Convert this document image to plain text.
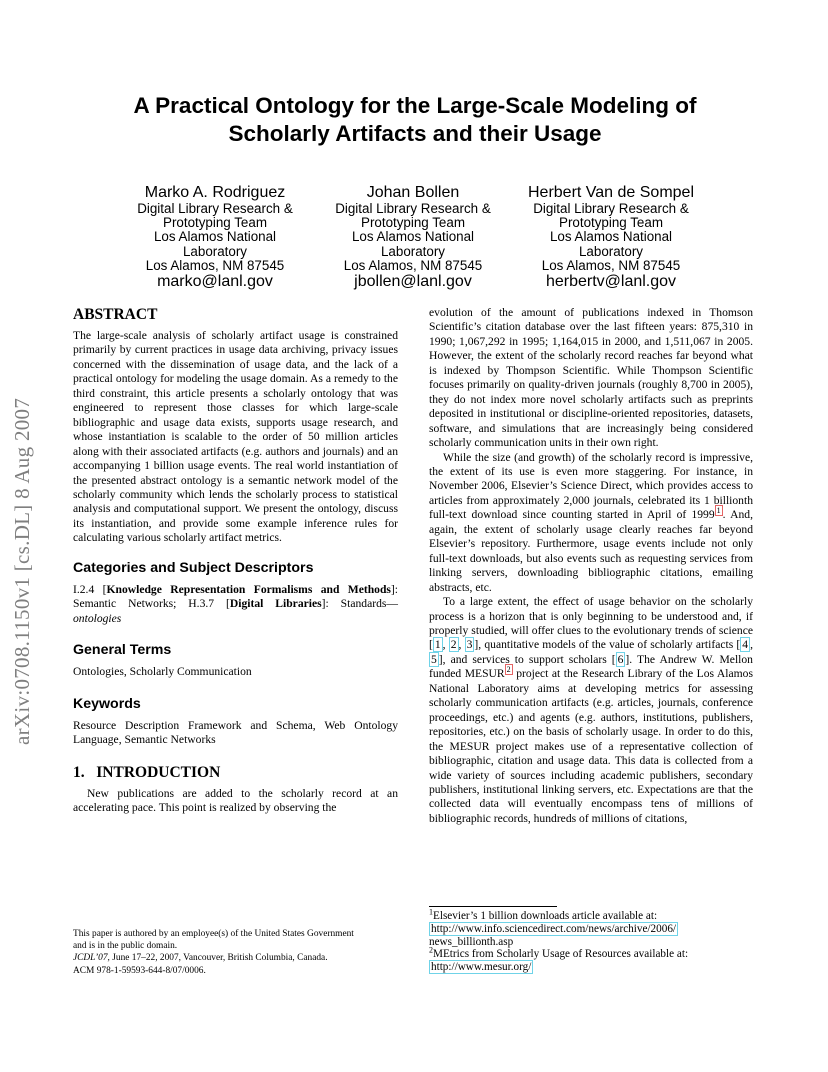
arXiv:0708.1150v1 [cs.DL] 8 Aug 2007
A Practical Ontology for the Large-Scale Modeling of Scholarly Artifacts and their Usage
Marko A. Rodriguez
Digital Library Research &
Prototyping Team
Los Alamos National
Laboratory
Los Alamos, NM 87545
marko@lanl.gov
Johan Bollen
Digital Library Research &
Prototyping Team
Los Alamos National
Laboratory
Los Alamos, NM 87545
jbollen@lanl.gov
Herbert Van de Sompel
Digital Library Research &
Prototyping Team
Los Alamos National
Laboratory
Los Alamos, NM 87545
herbertv@lanl.gov
ABSTRACT

The large-scale analysis of scholarly artifact usage is constrained primarily by current practices in usage data archiving, privacy issues concerned with the dissemination of usage data, and the lack of a practical ontology for modeling the usage domain. As a remedy to the third constraint, this article presents a scholarly ontology that was engineered to represent those classes for which large-scale bibliographic and usage data exists, supports usage research, and whose instantiation is scalable to the order of 50 million articles along with their associated artifacts (e.g. authors and journals) and an accompanying 1 billion usage events. The real world instantiation of the presented abstract ontology is a semantic network model of the scholarly community which lends the scholarly process to statistical analysis and computational support. We present the ontology, discuss its instantiation, and provide some example inference rules for calculating various scholarly artifact metrics.

Categories and Subject Descriptors

I.2.4 [Knowledge Representation Formalisms and Methods]: Semantic Networks; H.3.7 [Digital Libraries]: Standards—ontologies

General Terms

Ontologies, Scholarly Communication

Keywords

Resource Description Framework and Schema, Web Ontology Language, Semantic Networks

1.   INTRODUCTION

New publications are added to the scholarly record at an accelerating pace. This point is realized by observing the

evolution of the amount of publications indexed in Thomson Scientific’s citation database over the last fifteen years: 875,310 in 1990; 1,067,292 in 1995; 1,164,015 in 2000, and 1,511,067 in 2005. However, the extent of the scholarly record reaches far beyond what is indexed by Thompson Scientific. While Thompson Scientific focuses primarily on quality-driven journals (roughly 8,700 in 2005), they do not index more novel scholarly artifacts such as preprints deposited in institutional or discipline-oriented repositories, datasets, software, and simulations that are increasingly being considered scholarly communication units in their own right.

While the size (and growth) of the scholarly record is impressive, the extent of its use is even more staggering. For instance, in November 2006, Elsevier’s Science Direct, which provides access to articles from approximately 2,000 journals, celebrated its 1 billionth full-text download since counting started in April of 1999 $^1$ . And, again, the extent of scholarly usage clearly reaches far beyond Elsevier’s repository. Furthermore, usage events include not only full-text downloads, but also events such as requesting services from linking servers, downloading bibliographic citations, emailing abstracts, etc.

To a large extent, the effect of usage behavior on the scholarly process is a horizon that is only beginning to be understood and, if properly studied, will offer clues to the evolutionary trends of science [ 1 , 2 , 3 ], quantitative models of the value of scholarly artifacts [ 4 , 5 ], and services to support scholars [ 6 ]. The Andrew W. Mellon funded MESUR $^2$ project at the Research Library of the Los Alamos National Laboratory aims at developing metrics for assessing scholarly communication artifacts (e.g. articles, journals, conference proceedings, etc.) and agents (e.g. authors, institutions, publishers, repositories, etc.) on the basis of scholarly usage. In order to do this, the MESUR project makes use of a representative collection of bibliographic, citation and usage data. This data is collected from a wide variety of sources including academic publishers, secondary publishers, institutional linking servers, etc. Expectations are that the collected data will eventually encompass tens of millions of bibliographic records, hundreds of millions of citations,

This paper is authored by an employee(s) of the United States Government
and is in the public domain.
JCDL’07, June 17–22, 2007, Vancouver, British Columbia, Canada.
ACM 978-1-59593-644-8/07/0006.
$^1$Elsevier’s 1 billion downloads article available at:
http://www.info.sciencedirect.com/news/archive/2006/
news_billionth.asp
$^2$MEtrics from Scholarly Usage of Resources available at:
http://www.mesur.org/
